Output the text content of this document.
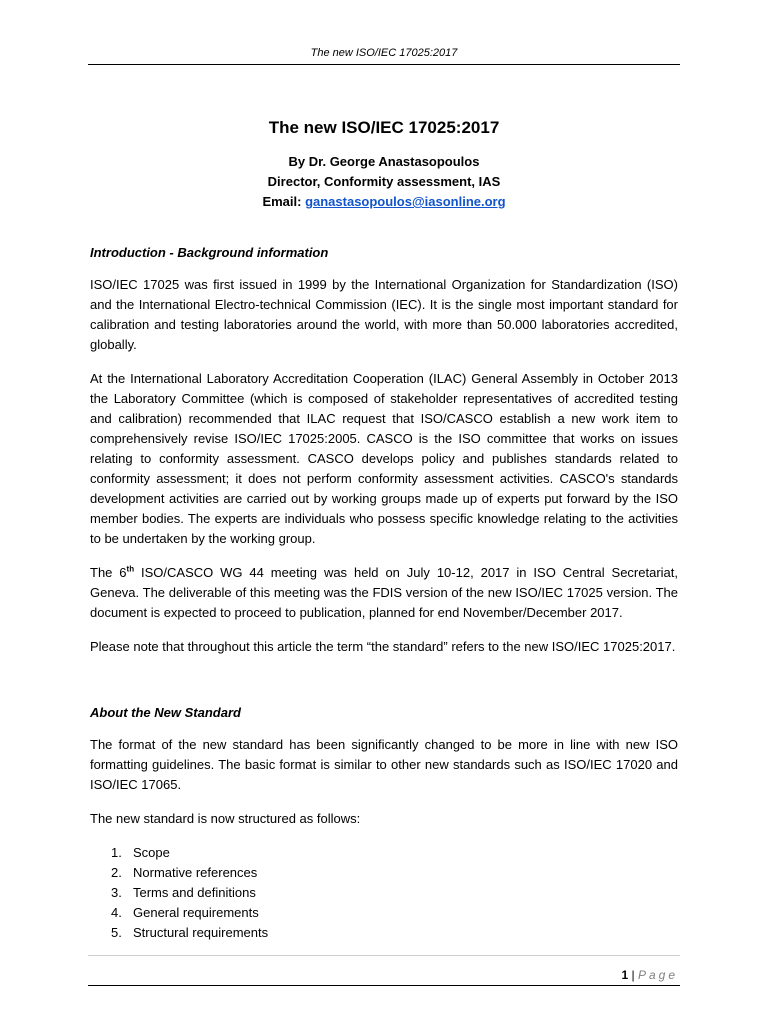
The new ISO/IEC 17025:2017
The new ISO/IEC 17025:2017
By Dr. George Anastasopoulos
Director, Conformity assessment, IAS
Email: ganastasopoulos@iasonline.org
Introduction - Background information

ISO/IEC 17025 was first issued in 1999 by the International Organization for Standardization (ISO) and the International Electro-technical Commission (IEC). It is the single most important standard for calibration and testing laboratories around the world, with more than 50.000 laboratories accredited, globally.

At the International Laboratory Accreditation Cooperation (ILAC) General Assembly in October 2013 the Laboratory Committee (which is composed of stakeholder representatives of accredited testing and calibration) recommended that ILAC request that ISO/CASCO establish a new work item to comprehensively revise ISO/IEC 17025:2005. CASCO is the ISO committee that works on issues relating to conformity assessment. CASCO develops policy and publishes standards related to conformity assessment; it does not perform conformity assessment activities. CASCO's standards development activities are carried out by working groups made up of experts put forward by the ISO member bodies. The experts are individuals who possess specific knowledge relating to the activities to be undertaken by the working group.

The 6th ISO/CASCO WG 44 meeting was held on July 10-12, 2017 in ISO Central Secretariat, Geneva. The deliverable of this meeting was the FDIS version of the new ISO/IEC 17025 version. The document is expected to proceed to publication, planned for end November/December 2017.

Please note that throughout this article the term “the standard” refers to the new ISO/IEC 17025:2017.

About the New Standard

The format of the new standard has been significantly changed to be more in line with new ISO formatting guidelines. The basic format is similar to other new standards such as ISO/IEC 17020 and ISO/IEC 17065.

The new standard is now structured as follows:

1. Scope
2. Normative references
3. Terms and definitions
4. General requirements
5. Structural requirements
1 | Page
